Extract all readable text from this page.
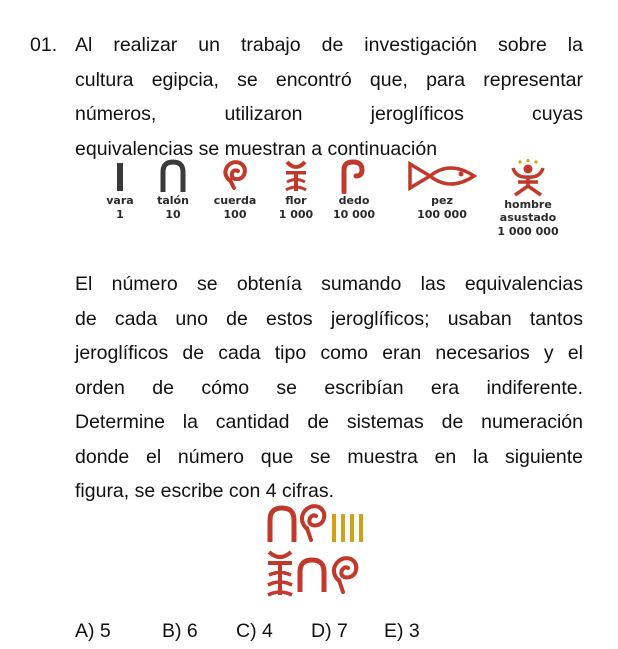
01. Al realizar un trabajo de investigación sobre la
cultura egipcia, se encontró que, para representar
números, utilizaron jeroglíficos cuyas
equivalencias se muestran a continuación
vara
1
talón
10
cuerda
100
flor
1 000
dedo
10 000
pez
100 000
hombre
asustado
1 000 000
El número se obtenía sumando las equivalencias
de cada uno de estos jeroglíficos; usaban tantos
jeroglíficos de cada tipo como eran necesarios y el
orden de cómo se escribían era indiferente.
Determine la cantidad de sistemas de numeración
donde el número que se muestra en la siguiente
figura, se escribe con 4 cifras.
A) 5	B) 6 C) 4 D) 7 E) 3
